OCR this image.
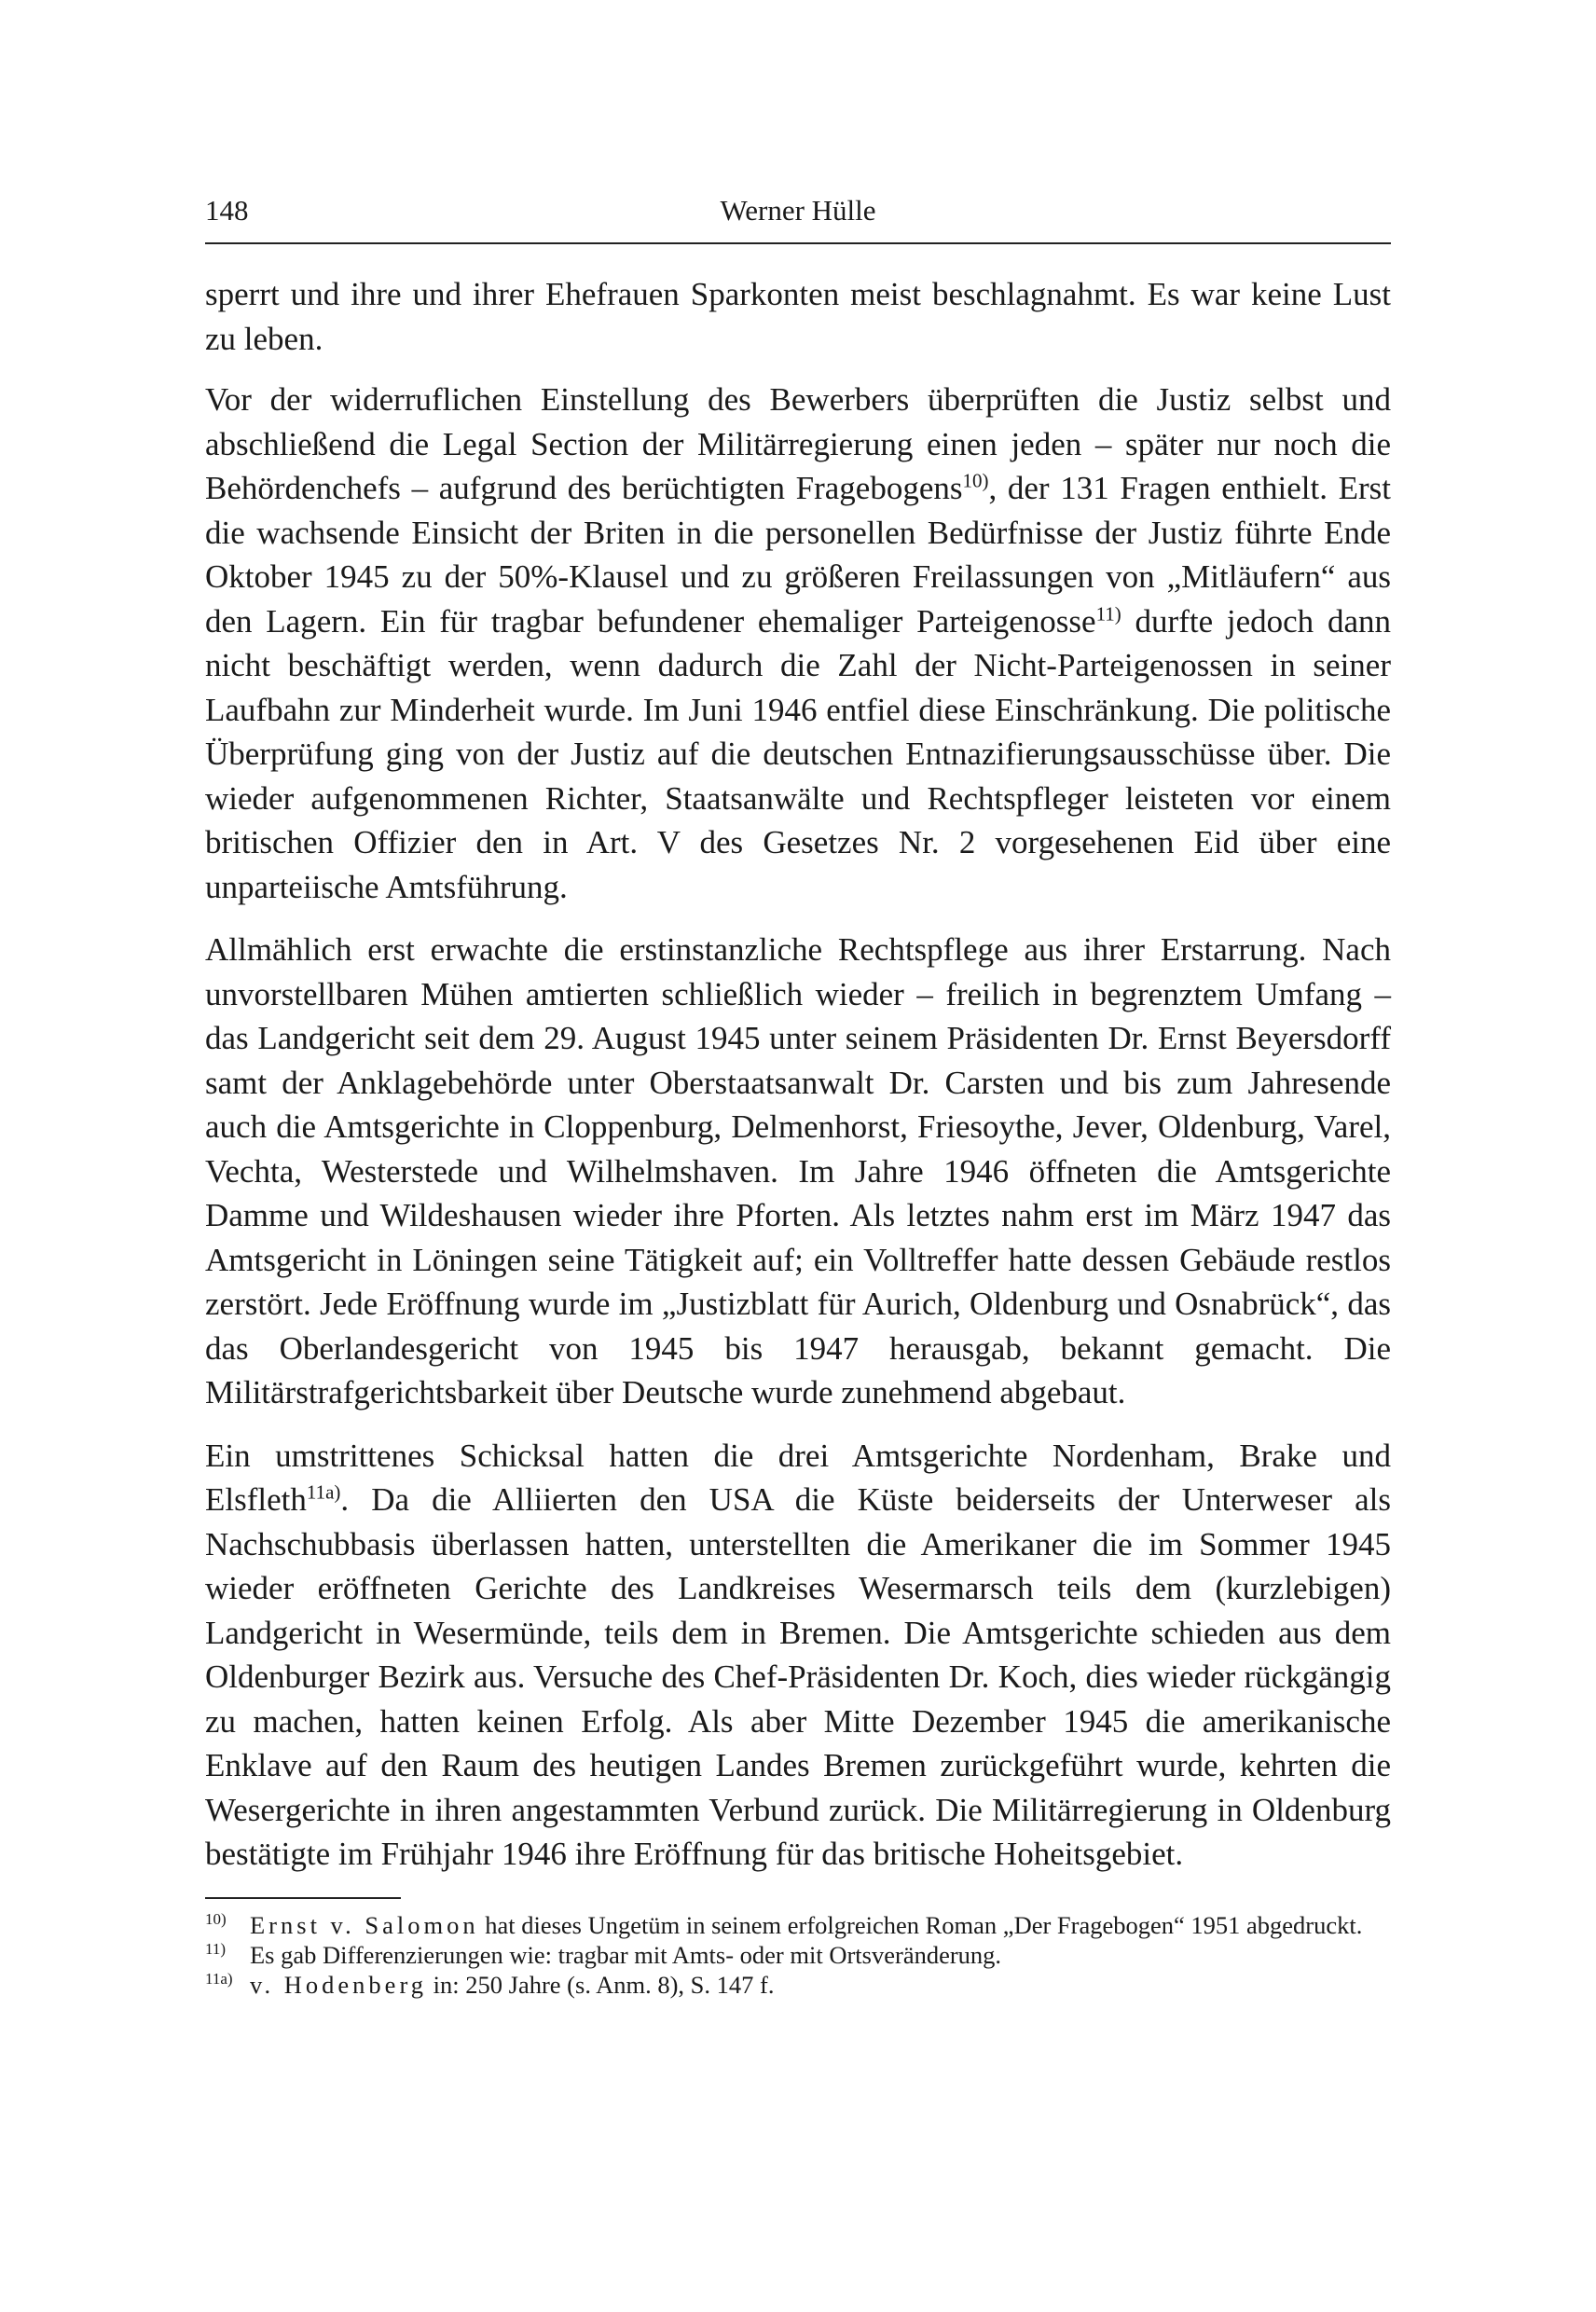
148	Werner Hülle

sperrt und ihre und ihrer Ehefrauen Sparkonten meist beschlagnahmt. Es war keine Lust zu leben.

Vor der widerruflichen Einstellung des Bewerbers überprüften die Justiz selbst und abschließend die Legal Section der Militärregierung einen jeden – später nur noch die Behördenchefs – aufgrund des berüchtigten Fragebogens$^{10)}$, der 131 Fragen enthielt. Erst die wachsende Einsicht der Briten in die personellen Bedürfnisse der Justiz führte Ende Oktober 1945 zu der 50%-Klausel und zu größeren Freilassungen von „Mitläufern“ aus den Lagern. Ein für tragbar befundener ehemaliger Parteigenosse$^{11)}$ durfte jedoch dann nicht beschäftigt werden, wenn dadurch die Zahl der Nicht-Parteigenossen in seiner Laufbahn zur Minderheit wurde. Im Juni 1946 entfiel diese Einschränkung. Die politische Überprüfung ging von der Justiz auf die deutschen Entnazifierungsausschüsse über. Die wieder aufgenommenen Richter, Staatsanwälte und Rechtspfleger leisteten vor einem britischen Offizier den in Art. V des Gesetzes Nr. 2 vorgesehenen Eid über eine unparteiische Amtsführung.

Allmählich erst erwachte die erstinstanzliche Rechtspflege aus ihrer Erstarrung. Nach unvorstellbaren Mühen amtierten schließlich wieder – freilich in begrenztem Umfang – das Landgericht seit dem 29. August 1945 unter seinem Präsidenten Dr. Ernst Beyersdorff samt der Anklagebehörde unter Oberstaatsanwalt Dr. Carsten und bis zum Jahresende auch die Amtsgerichte in Cloppenburg, Delmenhorst, Friesoythe, Jever, Oldenburg, Varel, Vechta, Westerstede und Wilhelmshaven. Im Jahre 1946 öffneten die Amtsgerichte Damme und Wildeshausen wieder ihre Pforten. Als letztes nahm erst im März 1947 das Amtsgericht in Löningen seine Tätigkeit auf; ein Volltreffer hatte dessen Gebäude restlos zerstört. Jede Eröffnung wurde im „Justizblatt für Aurich, Oldenburg und Osnabrück“, das das Oberlandesgericht von 1945 bis 1947 herausgab, bekannt gemacht. Die Militärstrafgerichtsbarkeit über Deutsche wurde zunehmend abgebaut.

Ein umstrittenes Schicksal hatten die drei Amtsgerichte Nordenham, Brake und Elsfleth$^{11a)}$. Da die Alliierten den USA die Küste beiderseits der Unterweser als Nachschubbasis überlassen hatten, unterstellten die Amerikaner die im Sommer 1945 wieder eröffneten Gerichte des Landkreises Wesermarsch teils dem (kurzlebigen) Landgericht in Wesermünde, teils dem in Bremen. Die Amtsgerichte schieden aus dem Oldenburger Bezirk aus. Versuche des Chef-Präsidenten Dr. Koch, dies wieder rückgängig zu machen, hatten keinen Erfolg. Als aber Mitte Dezember 1945 die amerikanische Enklave auf den Raum des heutigen Landes Bremen zurückgeführt wurde, kehrten die Wesergerichte in ihren angestammten Verbund zurück. Die Militärregierung in Oldenburg bestätigte im Frühjahr 1946 ihre Eröffnung für das britische Hoheitsgebiet.

10) Ernst v. Salomon hat dieses Ungetüm in seinem erfolgreichen Roman „Der Fragebogen“ 1951 abgedruckt.

11) Es gab Differenzierungen wie: tragbar mit Amts- oder mit Ortsveränderung.

11a) v. Hodenberg in: 250 Jahre (s. Anm. 8), S. 147 f.
